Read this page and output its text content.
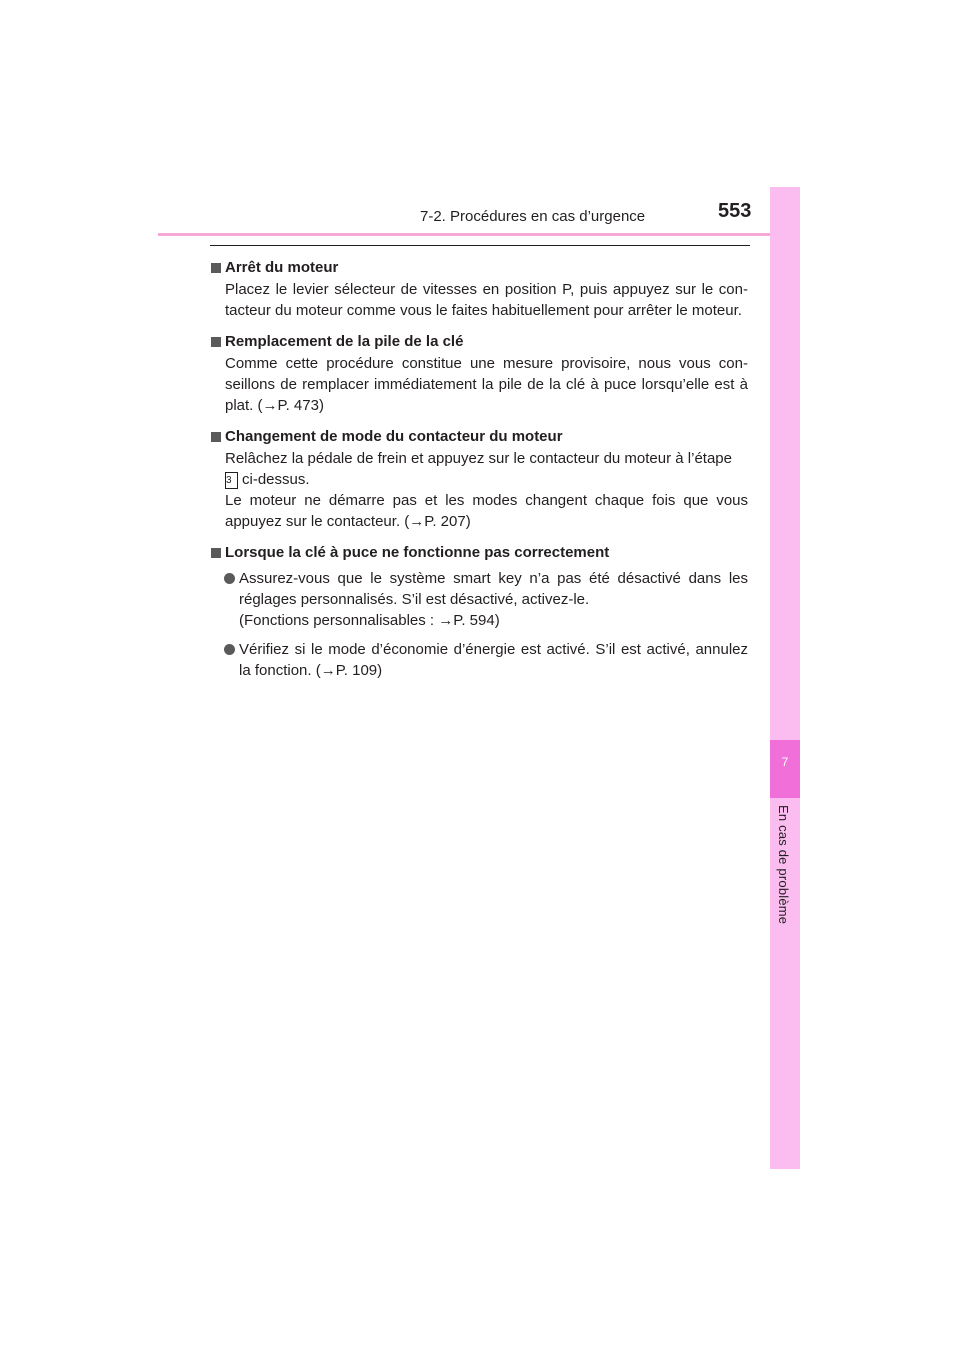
7-2. Procédures en cas d’urgence	553
7
En cas de problème
Arrêt du moteur
Placez le levier sélecteur de vitesses en position P, puis appuyez sur le contacteur du moteur comme vous le faites habituellement pour arrêter le moteur.
Remplacement de la pile de la clé
Comme cette procédure constitue une mesure provisoire, nous vous conseillons de remplacer immédiatement la pile de la clé à puce lorsqu’elle est à plat. (→P. 473)
Changement de mode du contacteur du moteur
Relâchez la pédale de frein et appuyez sur le contacteur du moteur à l’étape
3 ci-dessus.
Le moteur ne démarre pas et les modes changent chaque fois que vous appuyez sur le contacteur. (→P. 207)
Lorsque la clé à puce ne fonctionne pas correctement
Assurez-vous que le système smart key n’a pas été désactivé dans les réglages personnalisés. S’il est désactivé, activez-le.
(Fonctions personnalisables : →P. 594)
Vérifiez si le mode d’économie d’énergie est activé. S’il est activé, annulez la fonction. (→P. 109)
